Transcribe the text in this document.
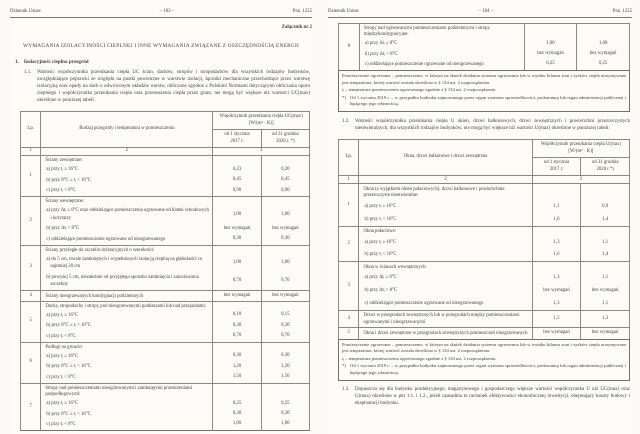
Dziennik Ustaw	– 103 –	Poz. 1225
Załącznik nr 2
WYMAGANIA IZOLACYJNOŚCI CIEPLNEJ I INNE WYMAGANIA ZWIĄZANE Z OSZCZĘDNOŚCIĄ ENERGII
1. Izolacyjność cieplna przegród
1.1.	Wartości współczynnika przenikania ciepła UC ścian, dachów, stropów i stropodachów dla wszystkich rodzajów budynków, uwzględniające poprawki ze względu na pustki powietrzne w warstwie izolacji, łączniki mechaniczne przechodzące przez warstwę izolacyjną oraz opady na dach o odwróconym układzie warstw, obliczone zgodnie z Polskimi Normami dotyczącymi obliczania oporu cieplnego i współczynnika przenikania ciepła oraz przenoszenia ciepła przez grunt, nie mogą być większe niż wartości UC(max) określone w poniższej tabeli:
Lp.	Rodzaj przegrody i temperatura w pomieszczeniu	Współczynnik przenikania ciepła UC(max)
[W/(m² · K)]	

		od 1 stycznia 2017 r.	od 31 grudnia 2020 r. *)

1	2	3	
1	Ściany zewnętrzne:		
	a) przy tᵢ ≥ 16°C	0,23	0,20
	b) przy 8°C ≤ tᵢ < 16°C	0,45	0,45
	c) przy tᵢ < 8°C	0,90	0,90
2	Ściany wewnętrzne:		
	a) przy Δtᵢ ≥ 8°C oraz oddzielające pomieszczenia ogrzewane od klatek schodowych i korytarzy	1,00	1,00
	b) przy Δtᵢ < 8°C	bez wymagań	bez wymagań
	c) oddzielające pomieszczenie ogrzewane od nieogrzewanego	0,30	0,30
3	Ściany przyległe do szczelin dylatacyjnych o szerokości:		
	a) do 5 cm, trwale zamkniętych i wypełnionych izolacją cieplną na głębokości co najmniej 20 cm	1,00	1,00
	b) powyżej 5 cm, niezależnie od przyjętego sposobu zamknięcia i zaizolowania szczeliny	0,70	0,70
4	Ściany nieogrzewanych kondygnacji podziemnych	bez wymagań	bez wymagań
5	Dachy, stropodachy i stropy pod nieogrzewanymi poddaszami lub nad przejazdami:		
	a) przy tᵢ ≥ 16°C	0,18	0,15
	b) przy 8°C ≤ tᵢ < 16°C	0,30	0,30
	c) przy tᵢ < 8°C	0,70	0,70
6	Podłogi na gruncie:		
	a) przy tᵢ ≥ 16°C	0,30	0,30
	b) przy 8°C ≤ tᵢ < 16°C	1,20	1,20
	c) przy tᵢ < 8°C	1,50	1,50
7	Stropy nad pomieszczeniami nieogrzewanymi i zamkniętymi przestrzeniami podpodłogowymi:		
	a) przy tᵢ ≥ 16°C	0,25	0,25
	b) przy 8°C ≤ tᵢ < 16°C	0,30	0,30
	c) przy tᵢ < 8°C	1,00	1,00
Dziennik Ustaw	– 104 –	Poz. 1225
8	Stropy nad ogrzewanymi pomieszczeniami podziemnymi i stropy międzykondygnacyjne:		
	a) przy Δtᵢ ≥ 8°C	1,00	1,00
	b) przy Δtᵢ < 8°C	bez wymagań	bez wymagań
	c) oddzielające pomieszczenie ogrzewane od nieogrzewanego	0,25	0,25

Pomieszczenie ogrzewane – pomieszczenie, w którym na skutek działania systemu ogrzewania lub w wyniku bilansu strat i zysków ciepła utrzymywana jest temperatura, której wartość została określona w § 134 ust. 2 rozporządzenia.

tᵢ – temperatura pomieszczenia ogrzewanego zgodnie z § 134 ust. 2 rozporządzenia.

*) Od 1 stycznia 2019 r. – w przypadku budynku zajmowanego przez organ wymiaru sprawiedliwości, prokuraturę lub organ administracji publicznej i będącego jego własnością.

1.2.	Wartości współczynnika przenikania ciepła U okien, drzwi balkonowych, drzwi zewnętrznych i powierzchni przezroczystych nieotwieralnych, dla wszystkich rodzajów budynków, nie mogą być większe niż wartości U(max) określone w poniższej tabeli:
Lp.	Okna, drzwi balkonowe i drzwi zewnętrzne	Współczynnik przenikania ciepła U(max)
[W/(m² · K)]	

		od 1 stycznia 2017 r.	od 31 grudnia 2020 r.*)

1	2	3	
1	Okna (z wyjątkiem okien połaciowych), drzwi balkonowe i powierzchnie przezroczyste nieotwieralne:		
	a) przy tᵢ ≥ 16°C	1,1	0,9
	b) przy tᵢ < 16°C	1,6	1,4
2	Okna połaciowe:		
	a) przy tᵢ ≥ 16°C	1,3	1,1
	b) przy tᵢ < 16°C	1,6	1,4
3	Okna w ścianach wewnętrznych:		
	a) przy Δtᵢ ≥ 8°C	1,3	1,1
	b) przy Δtᵢ < 8°C	bez wymagań	bez wymagań
	c) oddzielające pomieszczenie ogrzewane od nieogrzewanego	1,3	1,1
4	Drzwi w przegrodach zewnętrznych lub w przegrodach między pomieszczeniami ogrzewanymi i nieogrzewanymi	1,5	1,3
5	Okna i drzwi zewnętrzne w przegrodach zewnętrznych pomieszczeń nieogrzewanych	bez wymagań	bez wymagań

Pomieszczenie ogrzewane – pomieszczenie, w którym na skutek działania systemu ogrzewania lub w wyniku bilansu strat i zysków ciepła utrzymywana jest temperatura, której wartość została określona w § 134 ust. 2 rozporządzenia.

tᵢ – temperatura pomieszczenia ogrzewanego zgodnie z § 134 ust. 2 rozporządzenia.

*) Od 1 stycznia 2019 r. – w przypadku budynku zajmowanego przez organ wymiaru sprawiedliwości, prokuraturę lub organ administracji publicznej i będącego jego własnością.

1.3.	Dopuszcza się dla budynku produkcyjnego, magazynowego i gospodarczego większe wartości współczynnika U niż UC(max) oraz U(max) określone w pkt 1.1. i 1.2., jeżeli uzasadnia to rachunek efektywności ekonomicznej inwestycji, obejmujący koszty budowy i eksploatacji budynku.
